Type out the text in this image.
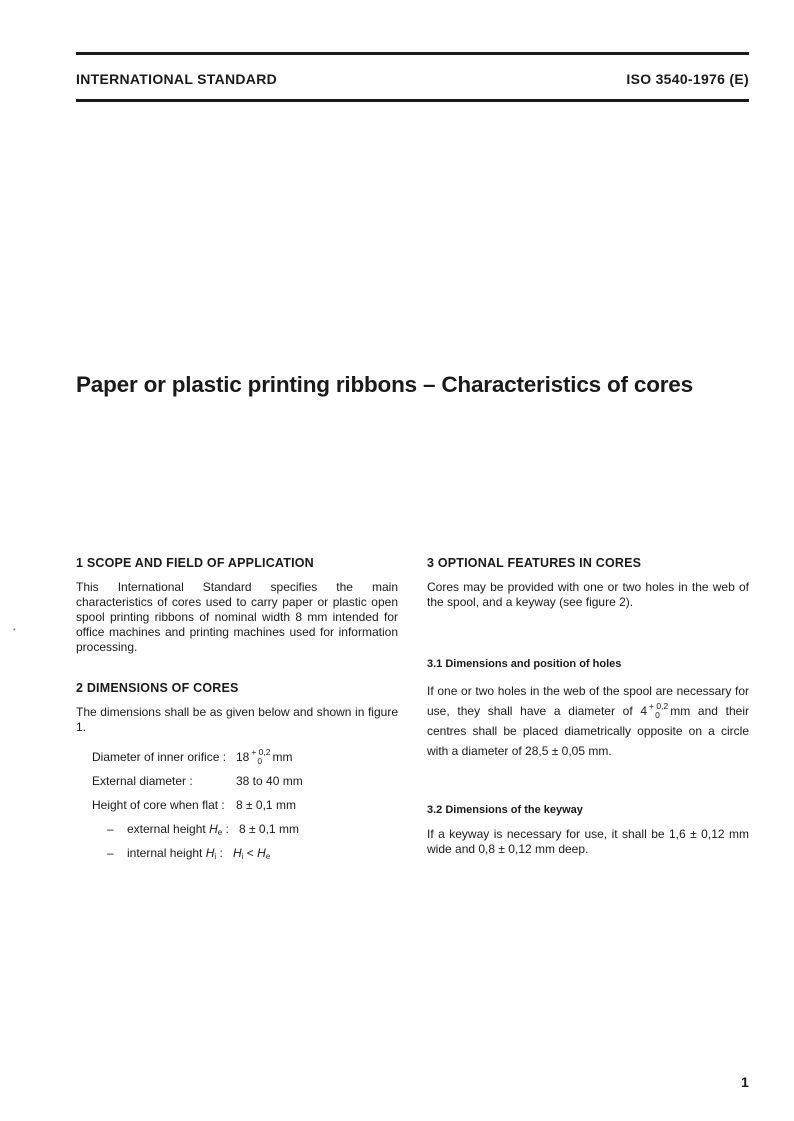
INTERNATIONAL STANDARD	ISO 3540-1976 (E)
Paper or plastic printing ribbons – Characteristics of cores
*
1 SCOPE AND FIELD OF APPLICATION

This International Standard specifies the main characteristics of cores used to carry paper or plastic open spool printing ribbons of nominal width 8 mm intended for office machines and printing machines used for information processing.

2 DIMENSIONS OF CORES

The dimensions shall be as given below and shown in figure 1.

Diameter of inner orifice : 18 + 0,2
0 mm
External diameter :	38 to 40 mm
Height of core when flat : 8 ± 0,1 mm
– external height He : 8 ± 0,1 mm
– internal height Hi : Hi < He
3 OPTIONAL FEATURES IN CORES

Cores may be provided with one or two holes in the web of the spool, and a keyway (see figure 2).

3.1 Dimensions and position of holes

If one or two holes in the web of the spool are necessary for use, they shall have a diameter of 4 + 0,2
0 mm and their centres shall be placed diametrically opposite on a circle with a diameter of 28,5 ± 0,05 mm.

3.2 Dimensions of the keyway

If a keyway is necessary for use, it shall be 1,6 ± 0,12 mm wide and 0,8 ± 0,12 mm deep.

1
